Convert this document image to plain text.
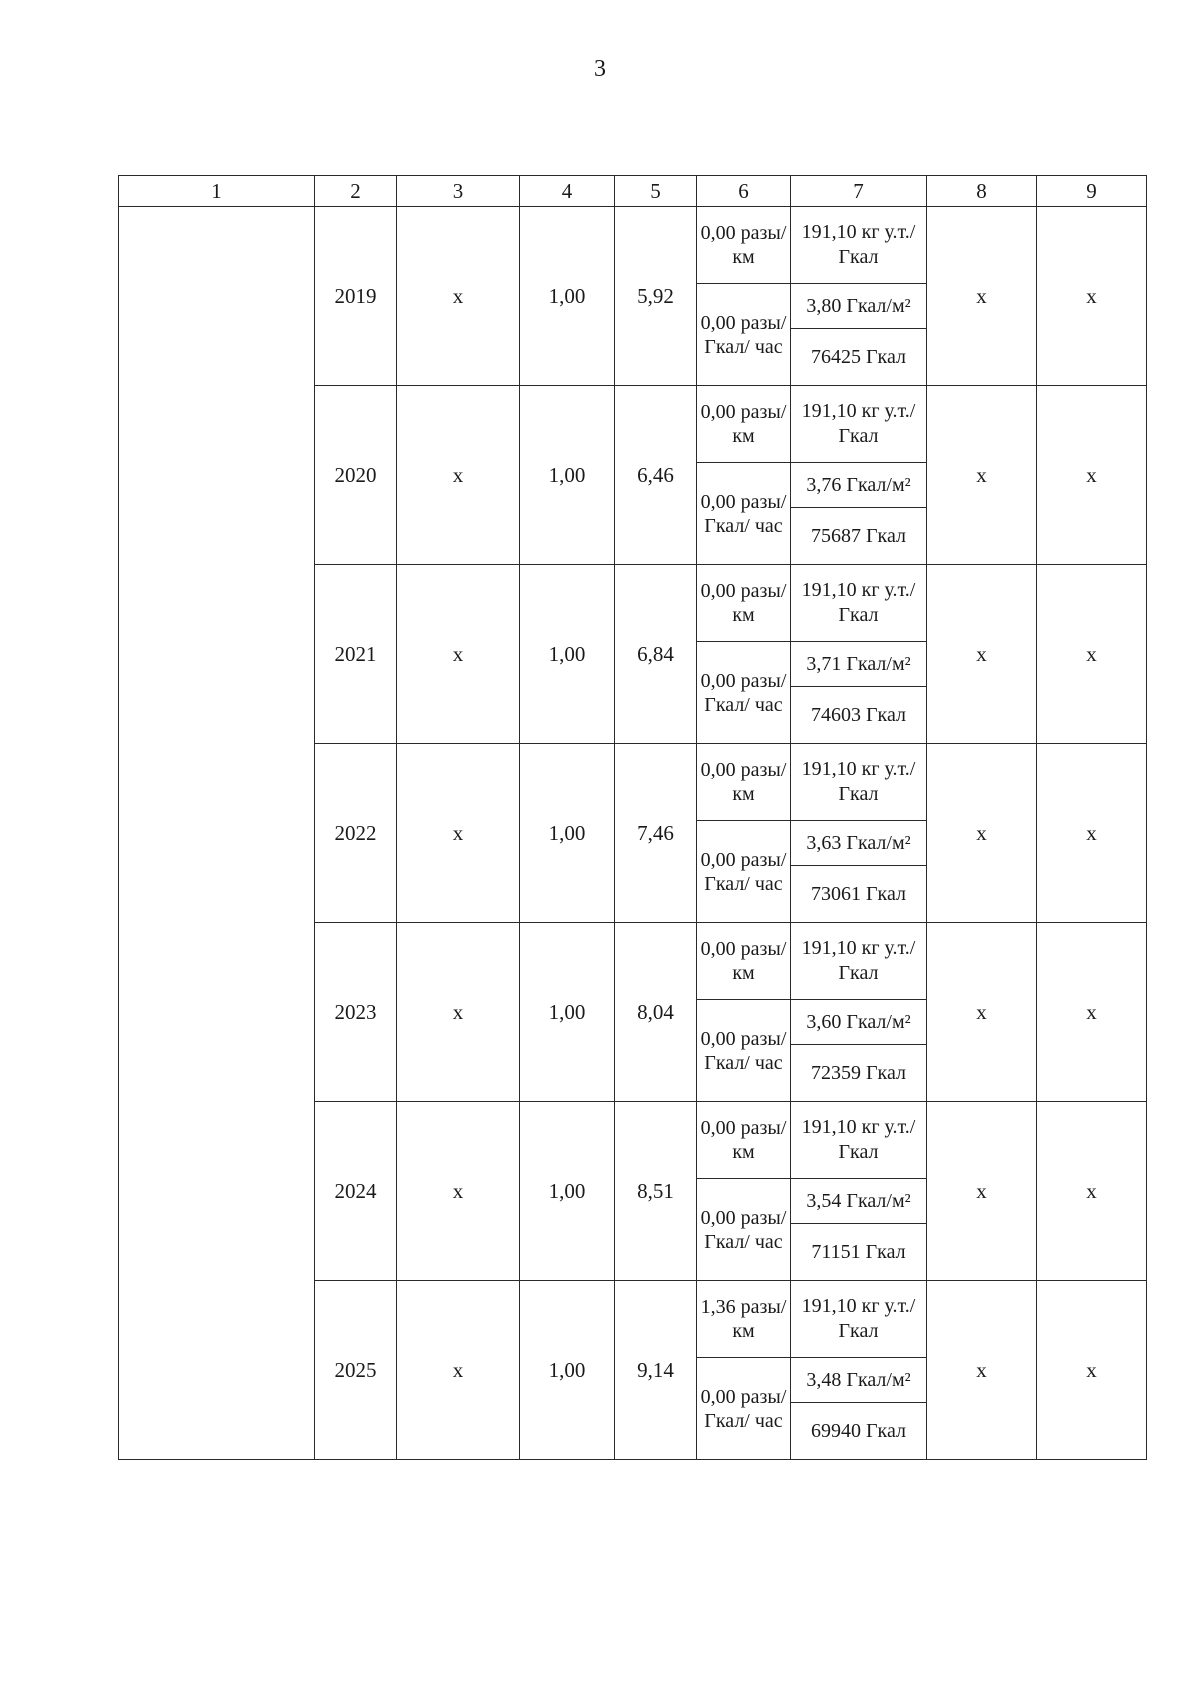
3
1	2	3	4	5	6	7	8	9
	2019	х	1,00	5,92	0,00 разы/ км	191,10 кг у.т./Гкал	х	х
					0,00 разы/ Гкал/ час	3,80 Гкал/м²		
						76425 Гкал		
	2020	х	1,00	6,46	0,00 разы/ км	191,10 кг у.т./Гкал	х	х
					0,00 разы/ Гкал/ час	3,76 Гкал/м²		
						75687 Гкал		
	2021	х	1,00	6,84	0,00 разы/ км	191,10 кг у.т./Гкал	х	х
					0,00 разы/ Гкал/ час	3,71 Гкал/м²		
						74603 Гкал		
	2022	х	1,00	7,46	0,00 разы/ км	191,10 кг у.т./Гкал	х	х
					0,00 разы/ Гкал/ час	3,63 Гкал/м²		
						73061 Гкал		
	2023	х	1,00	8,04	0,00 разы/ км	191,10 кг у.т./Гкал	х	х
					0,00 разы/ Гкал/ час	3,60 Гкал/м²		
						72359 Гкал		
	2024	х	1,00	8,51	0,00 разы/ км	191,10 кг у.т./Гкал	х	х
					0,00 разы/ Гкал/ час	3,54 Гкал/м²		
						71151 Гкал		
	2025	х	1,00	9,14	1,36 разы/ км	191,10 кг у.т./Гкал	х	х
					0,00 разы/ Гкал/ час	3,48 Гкал/м²		
						69940 Гкал		
